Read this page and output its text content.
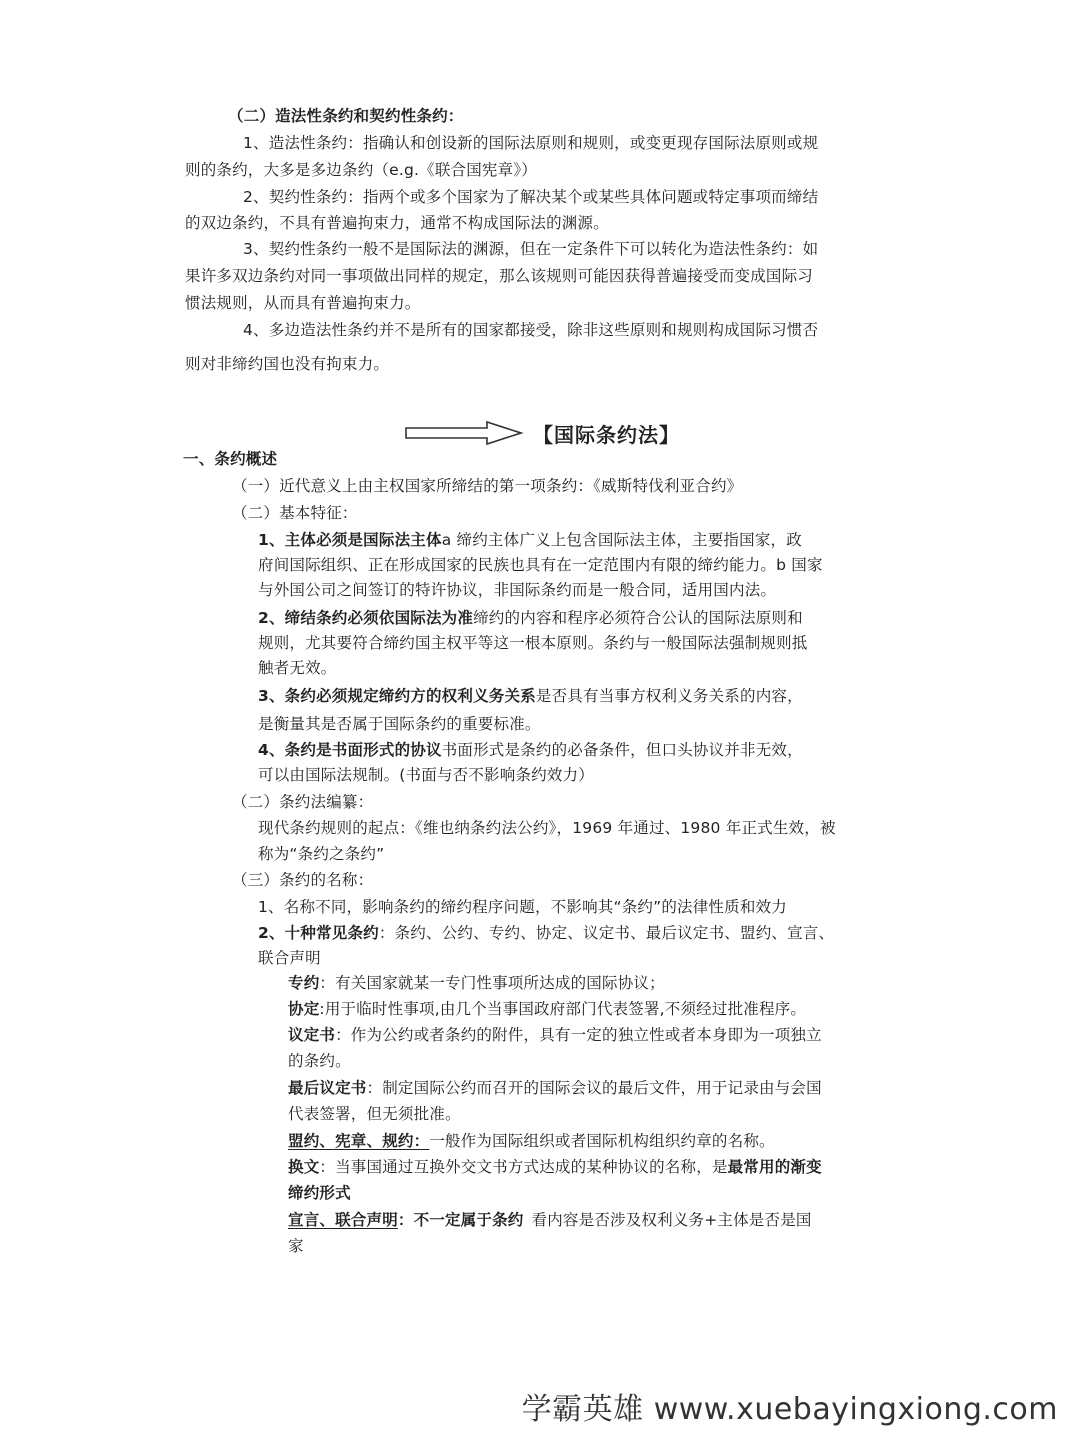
（二）造法性条约和契约性条约：
1、造法性条约：指确认和创设新的国际法原则和规则，或变更现存国际法原则或规
则的条约，大多是多边条约（e.g.《联合国宪章》）
2、契约性条约：指两个或多个国家为了解决某个或某些具体问题或特定事项而缔结
的双边条约，不具有普遍拘束力，通常不构成国际法的渊源。
3、契约性条约一般不是国际法的渊源，但在一定条件下可以转化为造法性条约：如
果许多双边条约对同一事项做出同样的规定，那么该规则可能因获得普遍接受而变成国际习
惯法规则，从而具有普遍拘束力。
4、多边造法性条约并不是所有的国家都接受，除非这些原则和规则构成国际习惯否
则对非缔约国也没有拘束力。
【国际条约法】
一、条约概述
（一）近代意义上由主权国家所缔结的第一项条约：《威斯特伐利亚合约》
（二）基本特征：
1、主体必须是国际法主体a 缔约主体广义上包含国际法主体，主要指国家，政
府间国际组织、正在形成国家的民族也具有在一定范围内有限的缔约能力。b 国家
与外国公司之间签订的特许协议，非国际条约而是一般合同，适用国内法。
2、缔结条约必须依国际法为准缔约的内容和程序必须符合公认的国际法原则和
规则，尤其要符合缔约国主权平等这一根本原则。条约与一般国际法强制规则抵
触者无效。
3、条约必须规定缔约方的权利义务关系是否具有当事方权利义务关系的内容，
是衡量其是否属于国际条约的重要标准。
4、条约是书面形式的协议书面形式是条约的必备条件，但口头协议并非无效，
可以由国际法规制。(书面与否不影响条约效力）
（二）条约法编纂：
现代条约规则的起点：《维也纳条约法公约》，1969 年通过、1980 年正式生效，被
称为“条约之条约”
（三）条约的名称：
1、名称不同，影响条约的缔约程序问题，不影响其“条约”的法律性质和效力
2、十种常见条约：条约、公约、专约、协定、议定书、最后议定书、盟约、宣言、
联合声明
专约：有关国家就某一专门性事项所达成的国际协议；
协定:用于临时性事项,由几个当事国政府部门代表签署,不须经过批准程序。
议定书：作为公约或者条约的附件，具有一定的独立性或者本身即为一项独立
的条约。
最后议定书：制定国际公约而召开的国际会议的最后文件，用于记录由与会国
代表签署，但无须批准。
盟约、宪章、规约：一般作为国际组织或者国际机构组织约章的名称。
换文：当事国通过互换外交文书方式达成的某种协议的名称，是最常用的渐变
缔约形式
宣言、联合声明：不一定属于条约 看内容是否涉及权利义务+主体是否是国
家
学霸英雄 www.xuebayingxiong.com
